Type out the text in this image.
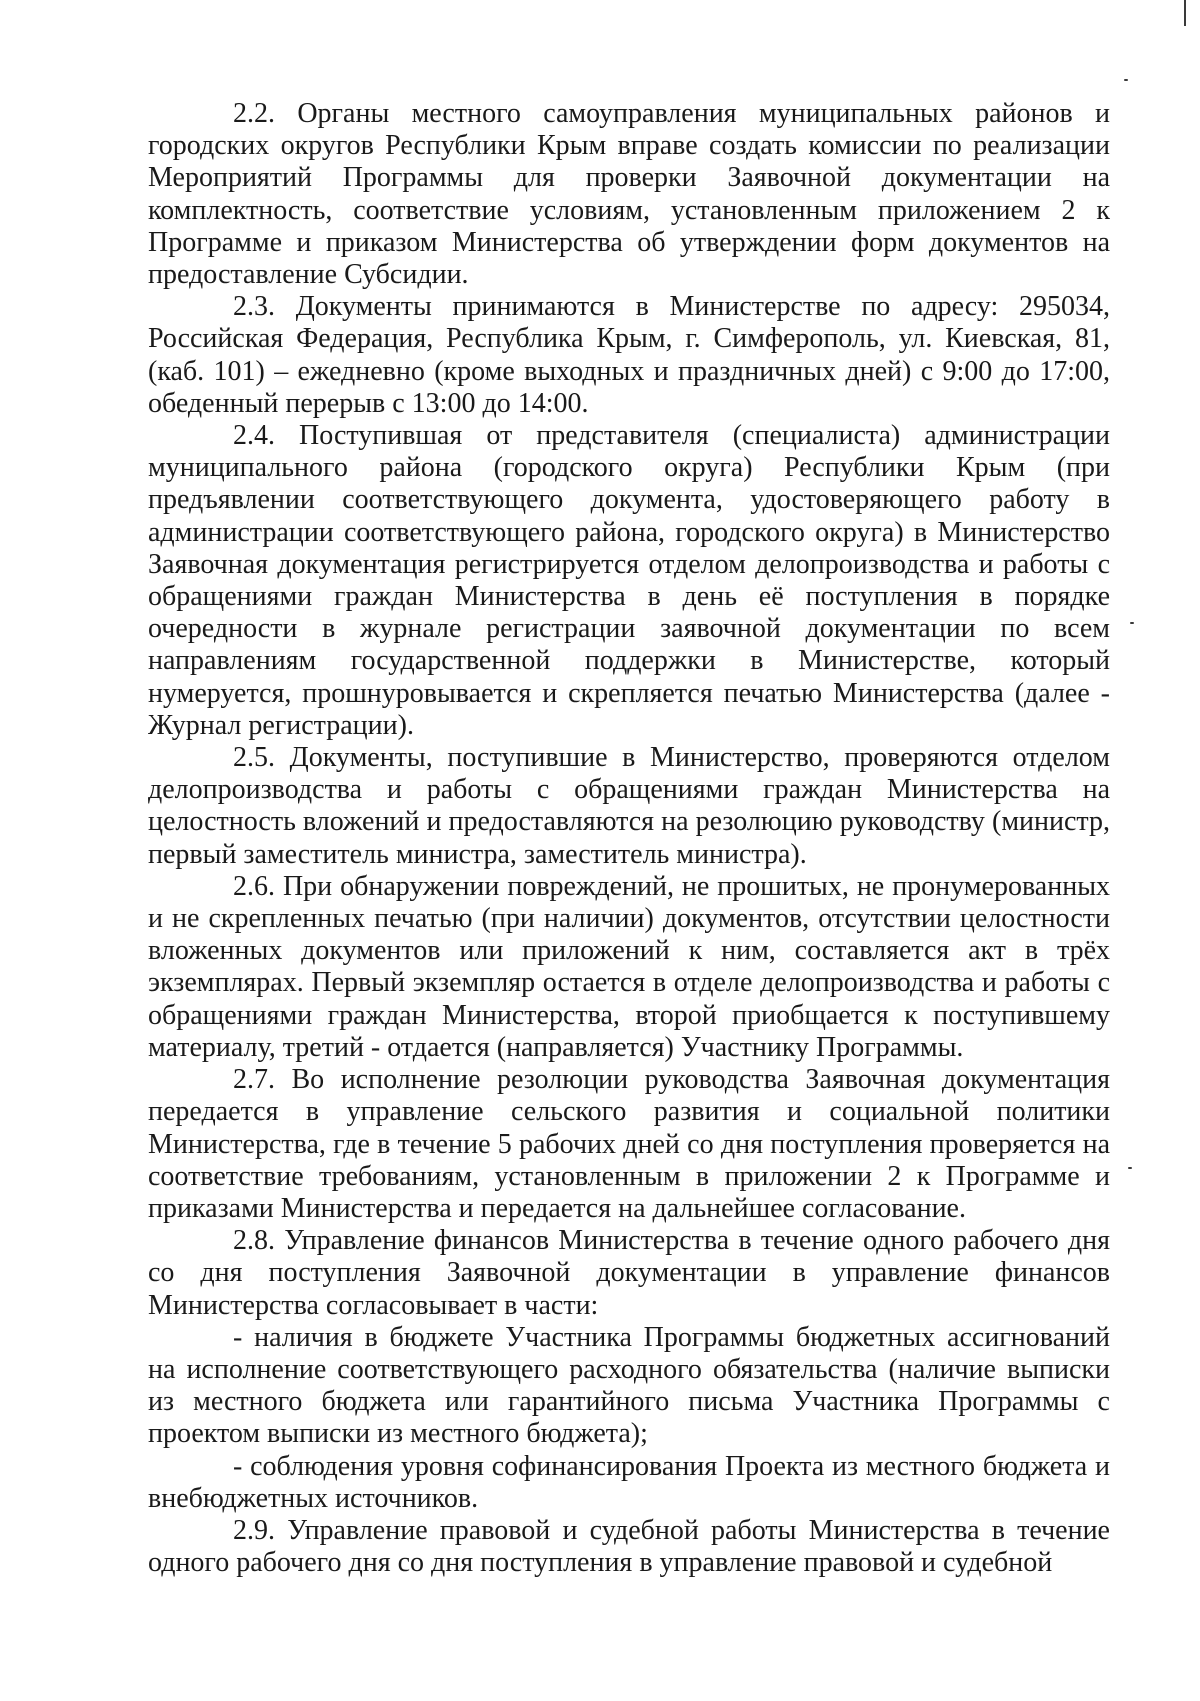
2.2. Органы местного самоуправления муниципальных районов и городских округов Республики Крым вправе создать комиссии по реализации Мероприятий Программы для проверки Заявочной документации на комплектность, соответствие условиям, установленным приложением 2 к Программе и приказом Министерства об утверждении форм документов на предоставление Субсидии.

2.3. Документы принимаются в Министерстве по адресу: 295034, Российская Федерация, Республика Крым, г. Симферополь, ул. Киевская, 81, (каб. 101) – ежедневно (кроме выходных и праздничных дней) с 9:00 до 17:00, обеденный перерыв с 13:00 до 14:00.

2.4. Поступившая от представителя (специалиста) администрации муниципального района (городского округа) Республики Крым (при предъявлении соответствующего документа, удостоверяющего работу в администрации соответствующего района, городского округа) в Министерство Заявочная документация регистрируется отделом делопроизводства и работы с обращениями граждан Министерства в день её поступления в порядке очередности в журнале регистрации заявочной документации по всем направлениям государственной поддержки в Министерстве, который нумеруется, прошнуровывается и скрепляется печатью Министерства (далее - Журнал регистрации).

2.5. Документы, поступившие в Министерство, проверяются отделом делопроизводства и работы с обращениями граждан Министерства на целостность вложений и предоставляются на резолюцию руководству (министр, первый заместитель министра, заместитель министра).

2.6. При обнаружении повреждений, не прошитых, не пронумерованных и не скрепленных печатью (при наличии) документов, отсутствии целостности вложенных документов или приложений к ним, составляется акт в трёх экземплярах. Первый экземпляр остается в отделе делопроизводства и работы с обращениями граждан Министерства, второй приобщается к поступившему материалу, третий - отдается (направляется) Участнику Программы.

2.7. Во исполнение резолюции руководства Заявочная документация передается в управление сельского развития и социальной политики Министерства, где в течение 5 рабочих дней со дня поступления проверяется на соответствие требованиям, установленным в приложении 2 к Программе и приказами Министерства и передается на дальнейшее согласование.

2.8. Управление финансов Министерства в течение одного рабочего дня со дня поступления Заявочной документации в управление финансов Министерства согласовывает в части:

- наличия в бюджете Участника Программы бюджетных ассигнований на исполнение соответствующего расходного обязательства (наличие выписки из местного бюджета или гарантийного письма Участника Программы с проектом выписки из местного бюджета);

- соблюдения уровня софинансирования Проекта из местного бюджета и внебюджетных источников.

2.9. Управление правовой и судебной работы Министерства в течение одного рабочего дня со дня поступления в управление правовой и судебной
